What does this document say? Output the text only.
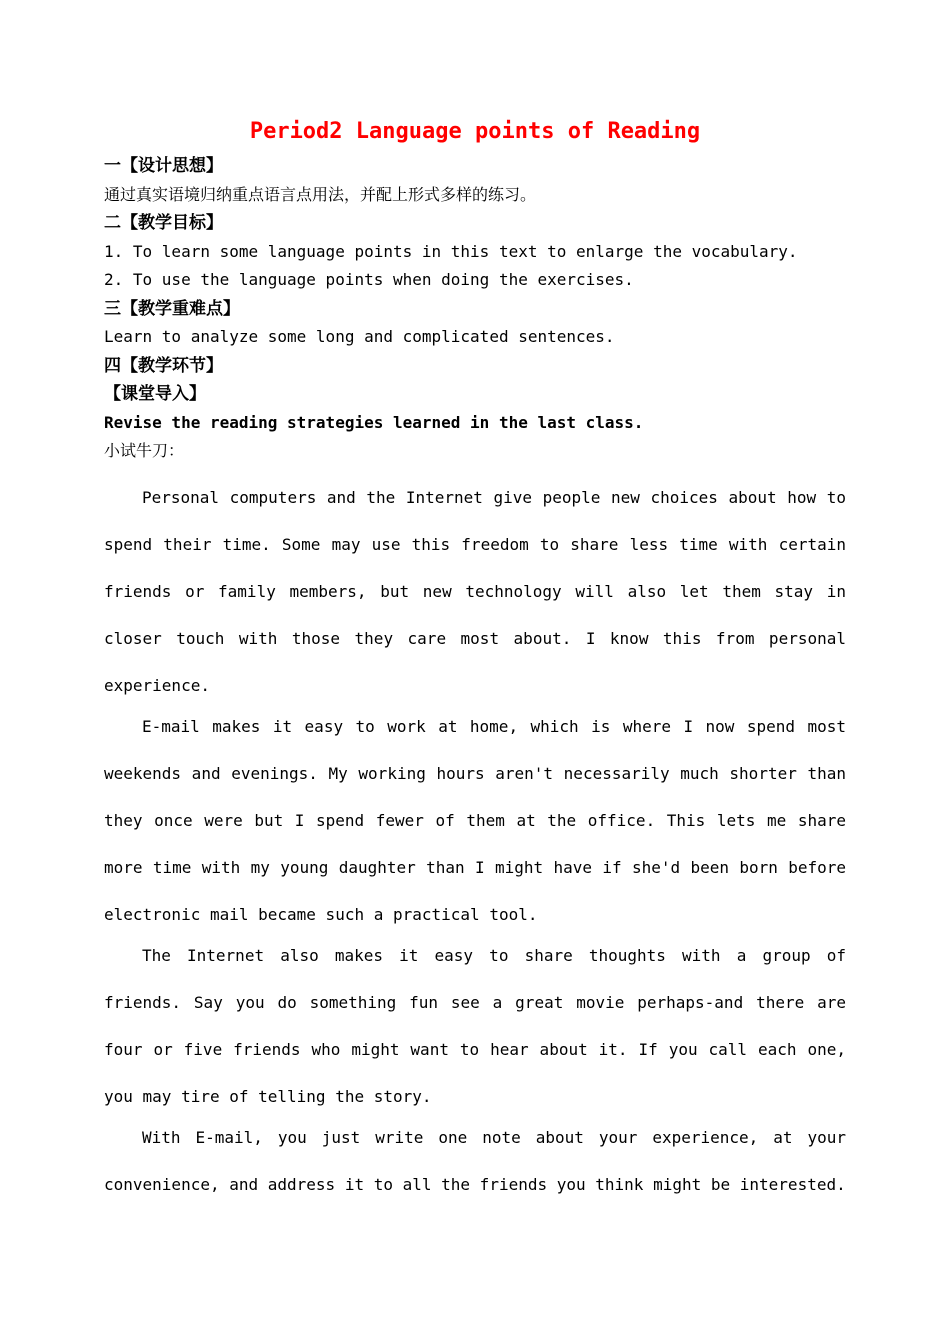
Period2 Language points of Reading

一【设计思想】

通过真实语境归纳重点语言点用法，并配上形式多样的练习。

二【教学目标】

1. To learn some language points in this text to enlarge the vocabulary.

2. To use the language points when doing the exercises.

三【教学重难点】

Learn to analyze some long and complicated sentences.

四【教学环节】

【课堂导入】

Revise the reading strategies learned in the last class.

小试牛刀：

Personal computers and the Internet give people new choices about how to spend their time. Some may use this freedom to share less time with certain friends or family members, but new technology will also let them stay in closer touch with those they care most about. I know this from personal experience.

E-mail makes it easy to work at home, which is where I now spend most weekends and evenings. My working hours aren't necessarily much shorter than they once were but I spend fewer of them at the office. This lets me share more time with my young daughter than I might have if she'd been born before electronic mail became such a practical tool.

The Internet also makes it easy to share thoughts with a group of friends. Say you do something fun see a great movie perhaps-and there are four or five friends who might want to hear about it. If you call each one, you may tire of telling the story.

With E-mail, you just write one note about your experience, at your convenience, and address it to all the friends you think might be interested.
